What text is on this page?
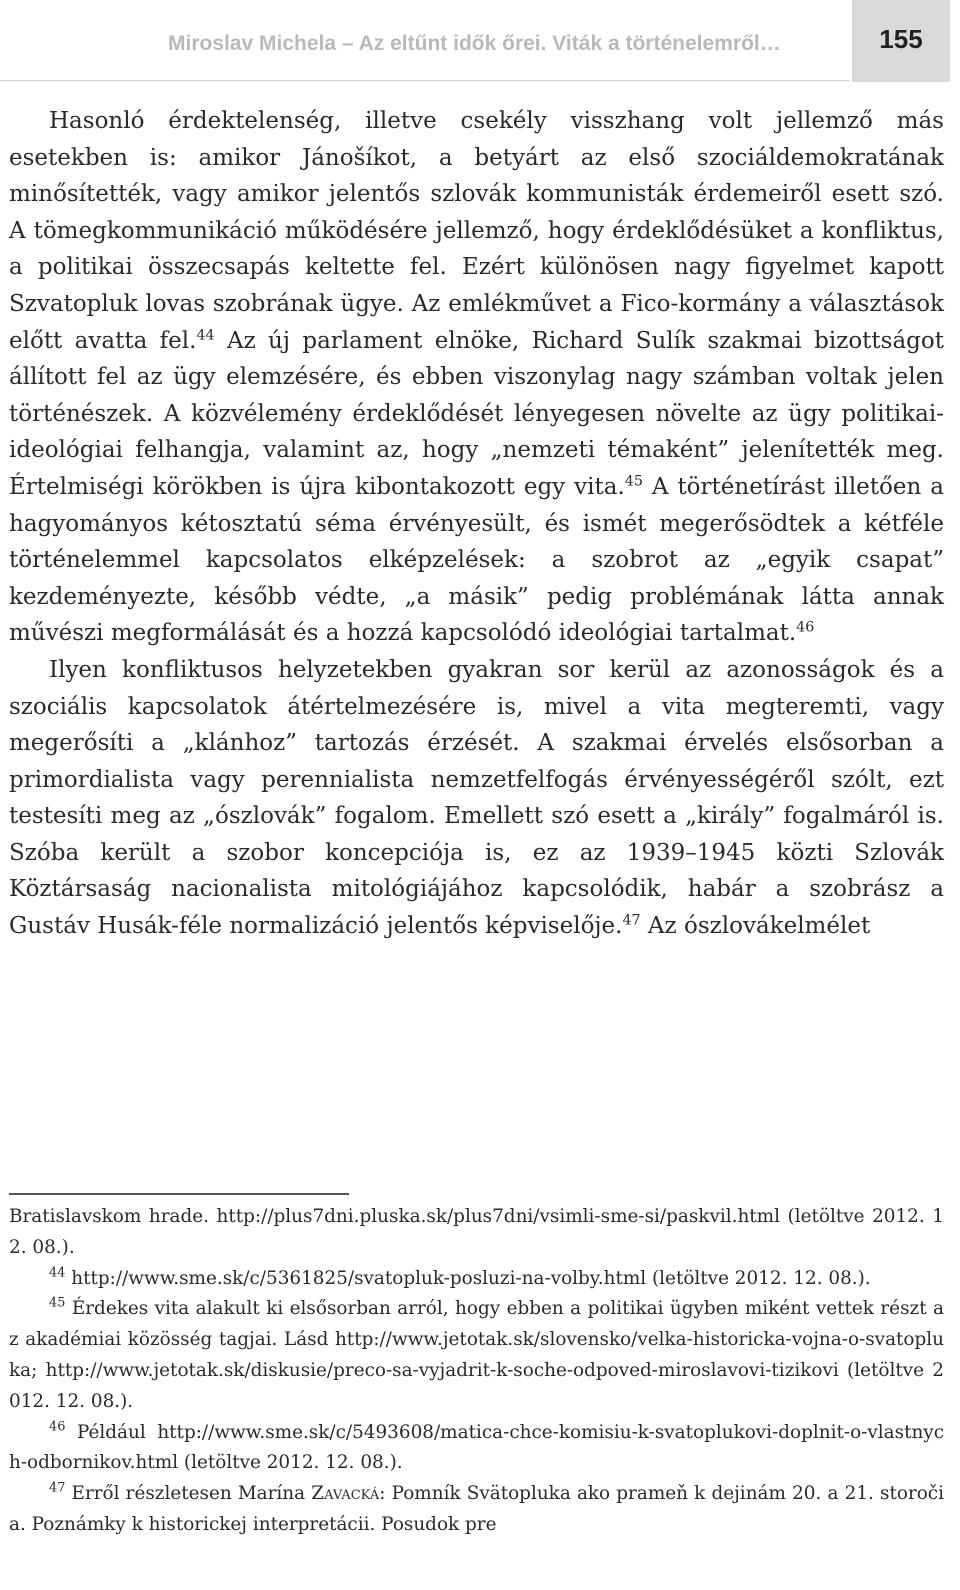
Miroslav Michela – Az eltűnt idők őrei. Viták a történelemről…	155

Hasonló érdektelenség, illetve csekély visszhang volt jellemző más esetekben is: amikor Jánošíkot, a betyárt az első szociáldemokratának minősítették, vagy amikor jelentős szlovák kommunisták érdemeiről esett szó. A tömegkommunikáció működésére jellemző, hogy érdeklődésüket a konfliktus, a politikai összecsapás keltette fel. Ezért különösen nagy figyelmet kapott Szvatopluk lovas szobrának ügye. Az emlékművet a Fico-kormány a választások előtt avatta fel.$^{44}$ Az új parlament elnöke, Richard Sulík szakmai bizottságot állított fel az ügy elemzésére, és ebben viszonylag nagy számban voltak jelen történészek. A közvélemény érdeklődését lényegesen növelte az ügy politikai-ideológiai felhangja, valamint az, hogy „nemzeti témaként” jelenítették meg. Értelmiségi körökben is újra kibontakozott egy vita.$^{45}$ A történetírást illetően a hagyományos kétosztatú séma érvényesült, és ismét megerősödtek a kétféle történelemmel kapcsolatos elképzelések: a szobrot az „egyik csapat” kezdeményezte, később védte, „a másik” pedig problémának látta annak művészi megformálását és a hozzá kapcsolódó ideológiai tartalmat.$^{46}$

Ilyen konfliktusos helyzetekben gyakran sor kerül az azonosságok és a szociális kapcsolatok átértelmezésére is, mivel a vita megteremti, vagy megerősíti a „klánhoz” tartozás érzését. A szakmai érvelés elsősorban a primordialista vagy perennialista nemzetfelfogás érvényességéről szólt, ezt testesíti meg az „ószlovák” fogalom. Emellett szó esett a „király” fogalmáról is. Szóba került a szobor koncepciója is, ez az 1939–1945 közti Szlovák Köztársaság nacionalista mitológiájához kapcsolódik, habár a szobrász a Gustáv Husák-féle normalizáció jelentős képviselője.$^{47}$ Az ószlovákelmélet

Bratislavskom hrade. http://plus7dni.pluska.sk/plus7dni/vsimli-sme-si/paskvil.html (letöltve 2012. 12. 08.).

$^{44}$ http://www.sme.sk/c/5361825/svatopluk-posluzi-na-volby.html (letöltve 2012. 12. 08.).

$^{45}$ Érdekes vita alakult ki elsősorban arról, hogy ebben a politikai ügyben miként vettek részt az akadémiai közösség tagjai. Lásd http://www.jetotak.sk/slovensko/velka-historicka-vojna-o-svatopluka; http://www.jetotak.sk/diskusie/preco-sa-vyjadrit-k-soche-odpoved-miroslavovi-tizikovi (letöltve 2012. 12. 08.).

$^{46}$ Például http://www.sme.sk/c/5493608/matica-chce-komisiu-k-svatoplukovi-doplnit-o-vlastnych-odbornikov.html (letöltve 2012. 12. 08.).

$^{47}$ Erről részletesen Marína Zavacká: Pomník Svätopluka ako prameň k dejinám 20. a 21. storočia. Poznámky k historickej interpretácii. Posudok pre
